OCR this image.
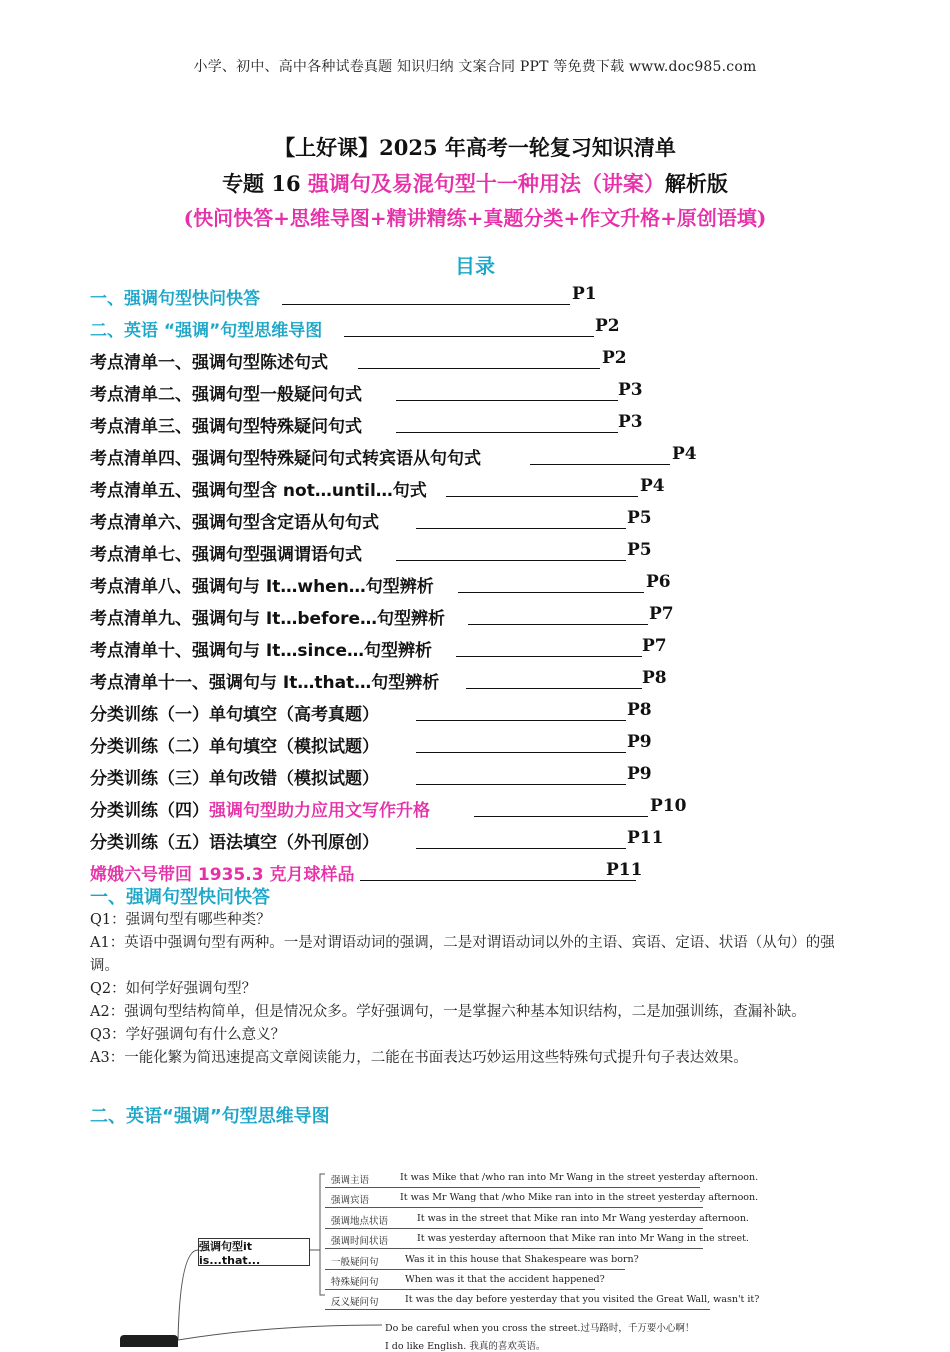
小学、初中、高中各种试卷真题 知识归纳 文案合同 PPT 等免费下载 www.doc985.com
【上好课】2025 年高考一轮复习知识清单
专题 16 强调句及易混句型十一种用法（讲案）解析版
(快问快答+思维导图+精讲精练+真题分类+作文升格+原创语填)
目录
一、强调句型快问快答	P1
二、英语 “强调”句型思维导图	P2
考点清单一、强调句型陈述句式	P2
考点清单二、强调句型一般疑问句式	P3
考点清单三、强调句型特殊疑问句式	P3
考点清单四、强调句型特殊疑问句式转宾语从句句式	P4
考点清单五、强调句型含 not…until…句式	P4
考点清单六、强调句型含定语从句句式	P5
考点清单七、强调句型强调谓语句式	P5
考点清单八、强调句与 It…when…句型辨析	P6
考点清单九、强调句与 It…before…句型辨析	P7
考点清单十、强调句与 It…since…句型辨析	P7
考点清单十一、强调句与 It…that…句型辨析	P8
分类训练（一）单句填空（高考真题）	P8
分类训练（二）单句填空（模拟试题）	P9
分类训练（三）单句改错（模拟试题）	P9
分类训练（四）强调句型助力应用文写作升格	P10
分类训练（五）语法填空（外刊原创）	P11
嫦娥六号带回 1935.3 克月球样品	P11
一、强调句型快问快答

Q1：强调句型有哪些种类？

A1：英语中强调句型有两种。一是对谓语动词的强调，二是对谓语动词以外的主语、宾语、定语、状语（从句）的强调。

Q2：如何学好强调句型？

A2：强调句型结构简单，但是情况众多。学好强调句，一是掌握六种基本知识结构，二是加强训练，查漏补缺。

Q3：学好强调句有什么意义？

A3：一能化繁为简迅速提高文章阅读能力，二能在书面表达巧妙运用这些特殊句式提升句子表达效果。

二、英语“强调”句型思维导图
强调句型it is...that...
强调主语	It was Mike that /who ran into Mr Wang in the street yesterday afternoon.
强调宾语	It was Mr Wang that /who Mike ran into in the street yesterday afternoon.
强调地点状语	It was in the street that Mike ran into Mr Wang yesterday afternoon.
强调时间状语	It was yesterday afternoon that Mike ran into Mr Wang in the street.
一般疑问句	Was it in this house that Shakespeare was born?
特殊疑问句	When was it that the accident happened?
反义疑问句	It was the day before yesterday that you visited the Great Wall, wasn't it?
Do be careful when you cross the street.过马路时，千万要小心啊！
I do like English. 我真的喜欢英语。
